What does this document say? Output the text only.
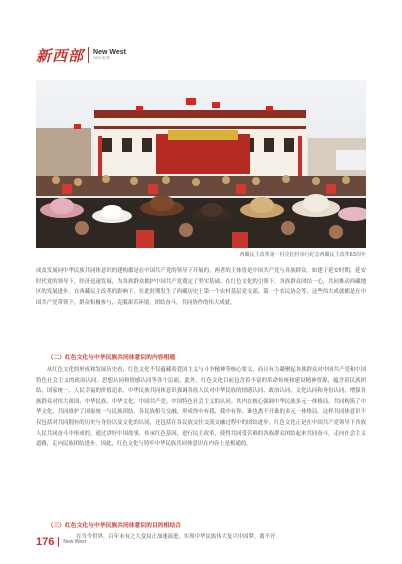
新西部 New West
2022 第 期
西藏民主改革第一村克松村举行纪念西藏民主改革63周年

成及发展同中华民族共同体意识的建构都是在中国共产党的领导下开展的。两者的主体皆是中国共产党与各族群众。如建于延安时期，延安时代党的领导下，经济迅速发展，为各族群众拥护中国共产党奠定了坚实基础。在红色文化的引领下，各族群众团结一心，共同推动西藏地区的发展进步。在西藏民主改革的影响下，在此时期发生了西藏历史上第一个农村基层党支部，第一个农民协会等，这些伟大成就都是在中国共产党带领下，群众积极参与，克服艰苦环境，团结奋斗，共同协作的伟大成就。

（二）红色文化与中华民族共同体意识的内容相通

从红色文化的形成和发展历史看，红色文化不仅蕴藏着爱国主义与斗争精神等核心要义，而且有力凝聚起各族群众对中国共产党和中国特色社会主义的政治认同。思想认同和情感认同等各个层面。此外，红色文化目前包含着丰富的革命传统和建设精神资源，蕴含着民族团结、国家统一、人民幸福的价值追求，中华民族共同体意识强调各族人民对中华民族的情感认同、政治认同、文化认同和身份认同，增强各族群众对伟大祖国、中华民族、中华文化、中国共产党、中国特色社会主义的认同。其内在核心强调中华民族多元一体格局，共同构筑了中华文化，共同维护了国家统一与民族团结。各民族相互交融，形成你中有我、我中有你、谁也离不开谁的多元一体格局。这样共同体意识不仅包括对共同拥有的历史与身份以及文化的认同，还包括在各民族交往交流交融过程中的团结进步，红色文化正是在中国共产党领导下各族人民共同奋斗中形成的，通过讲好中国故事，传承红色基因，进行民主改革，使得共同受苦难的各族群众团结起来共同奋斗，走向社会主义道路，走向民族团结进步。因此，红色文化与铸牢中华民族共同体意识在内容上是相通的。

（三）红色文化与中华民族共同体意识的目的相结合

在当今世界，百年未有之大变局正加速演进，实现中华民族伟大复兴中国梦，离不开

176 New West
